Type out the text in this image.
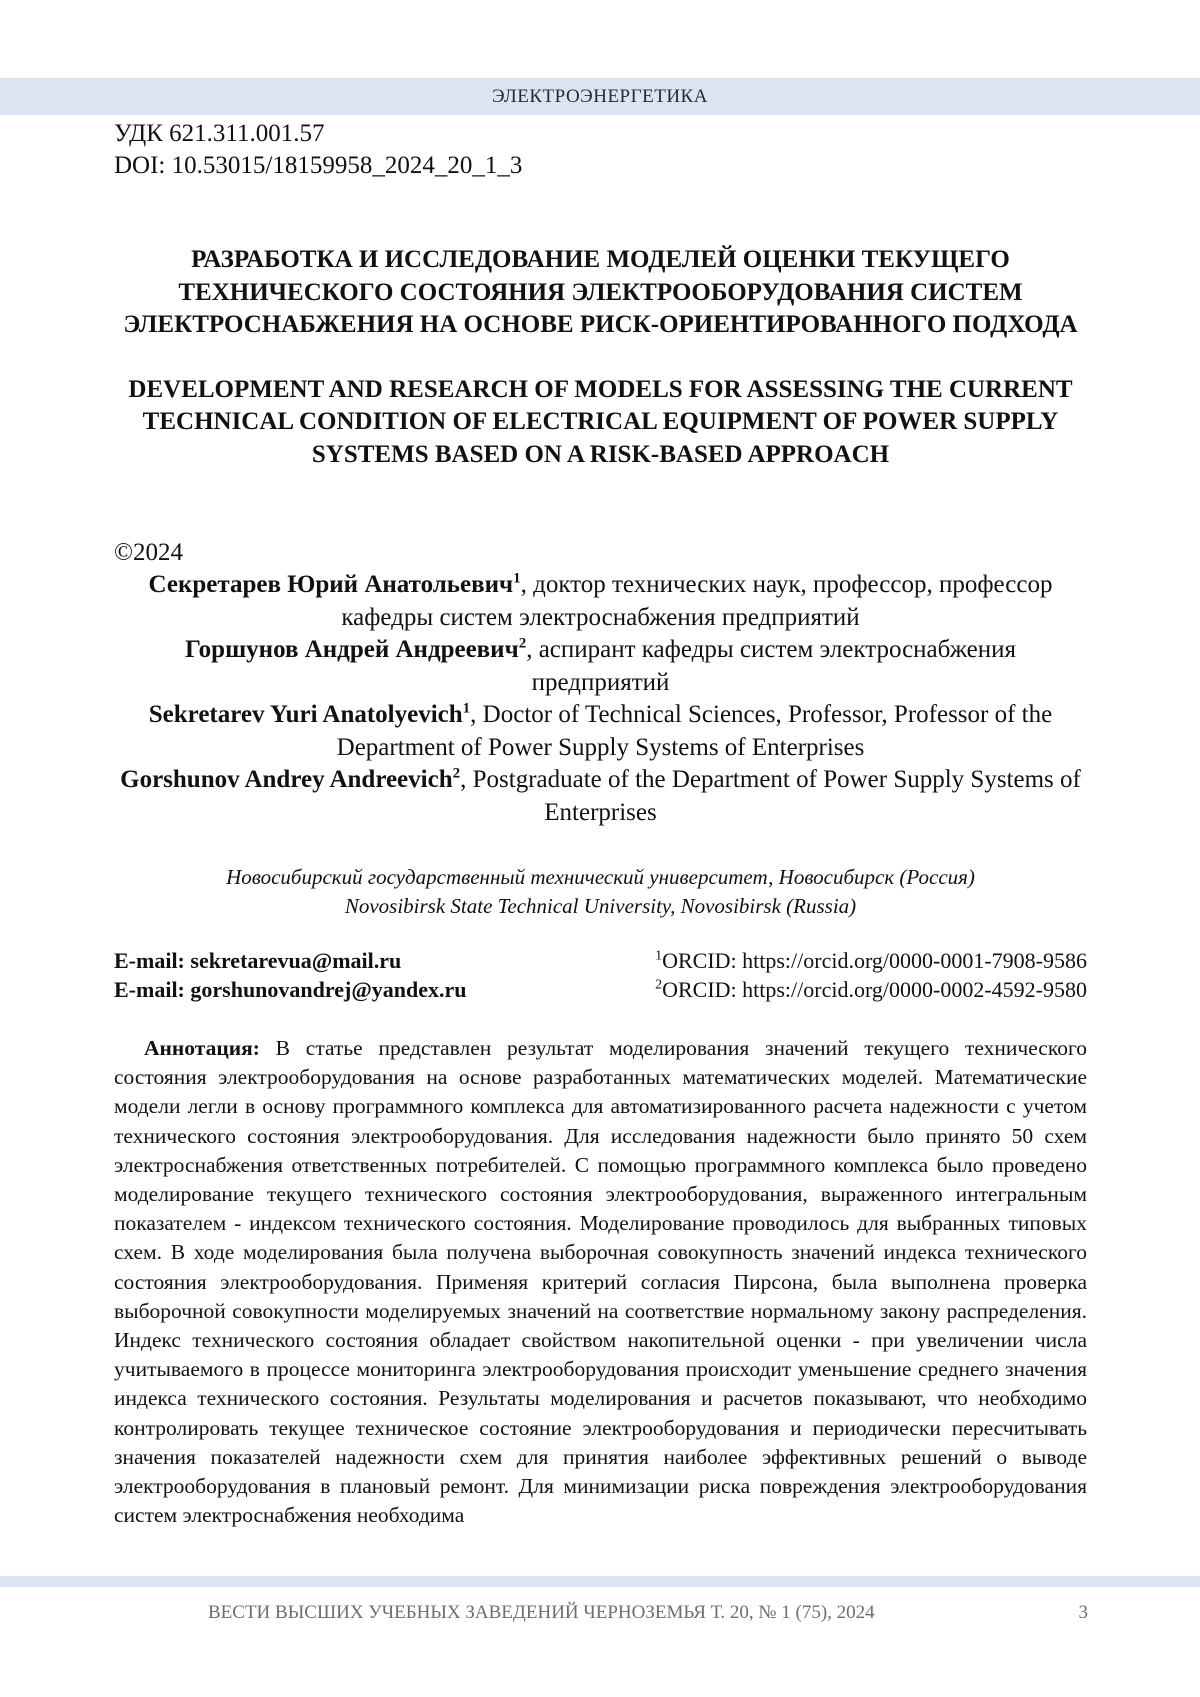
ЭЛЕКТРОЭНЕРГЕТИКА

УДК 621.311.001.57

DOI: 10.53015/18159958_2024_20_1_3

РАЗРАБОТКА И ИССЛЕДОВАНИЕ МОДЕЛЕЙ ОЦЕНКИ ТЕКУЩЕГО ТЕХНИЧЕСКОГО СОСТОЯНИЯ ЭЛЕКТРООБОРУДОВАНИЯ СИСТЕМ ЭЛЕКТРОСНАБЖЕНИЯ НА ОСНОВЕ РИСК-ОРИЕНТИРОВАННОГО ПОДХОДА

DEVELOPMENT AND RESEARCH OF MODELS FOR ASSESSING THE CURRENT TECHNICAL CONDITION OF ELECTRICAL EQUIPMENT OF POWER SUPPLY SYSTEMS BASED ON A RISK-BASED APPROACH

©2024
Секретарев Юрий Анатольевич$^1$, доктор технических наук, профессор, профессор кафедры систем электроснабжения предприятий
Горшунов Андрей Андреевич$^2$, аспирант кафедры систем электроснабжения предприятий
Sekretarev Yuri Anatolyevich$^1$, Doctor of Technical Sciences, Professor, Professor of the Department of Power Supply Systems of Enterprises
Gorshunov Andrey Andreevich$^2$, Postgraduate of the Department of Power Supply Systems of Enterprises
Новосибирский государственный технический университет, Новосибирск (Россия)
Novosibirsk State Technical University, Novosibirsk (Russia)
E-mail: sekretarevua@mail.ru
E-mail: gorshunovandrej@yandex.ru
$^1$ORCID: https://orcid.org/0000-0001-7908-9586
$^2$ORCID: https://orcid.org/0000-0002-4592-9580
Аннотация: В статье представлен результат моделирования значений текущего технического состояния электрооборудования на основе разработанных математических моделей. Математические модели легли в основу программного комплекса для автоматизированного расчета надежности с учетом технического состояния электрооборудования. Для исследования надежности было принято 50 схем электроснабжения ответственных потребителей. С помощью программного комплекса было проведено моделирование текущего технического состояния электрооборудования, выраженного интегральным показателем - индексом технического состояния. Моделирование проводилось для выбранных типовых схем. В ходе моделирования была получена выборочная совокупность значений индекса технического состояния электрооборудования. Применяя критерий согласия Пирсона, была выполнена проверка выборочной совокупности моделируемых значений на соответствие нормальному закону распределения. Индекс технического состояния обладает свойством накопительной оценки - при увеличении числа учитываемого в процессе мониторинга электрооборудования происходит уменьшение среднего значения индекса технического состояния. Результаты моделирования и расчетов показывают, что необходимо контролировать текущее техническое состояние электрооборудования и периодически пересчитывать значения показателей надежности схем для принятия наиболее эффективных решений о выводе электрооборудования в плановый ремонт. Для минимизации риска повреждения электрооборудования систем электроснабжения необходима
ВЕСТИ ВЫСШИХ УЧЕБНЫХ ЗАВЕДЕНИЙ ЧЕРНОЗЕМЬЯ Т. 20, № 1 (75), 2024	3
